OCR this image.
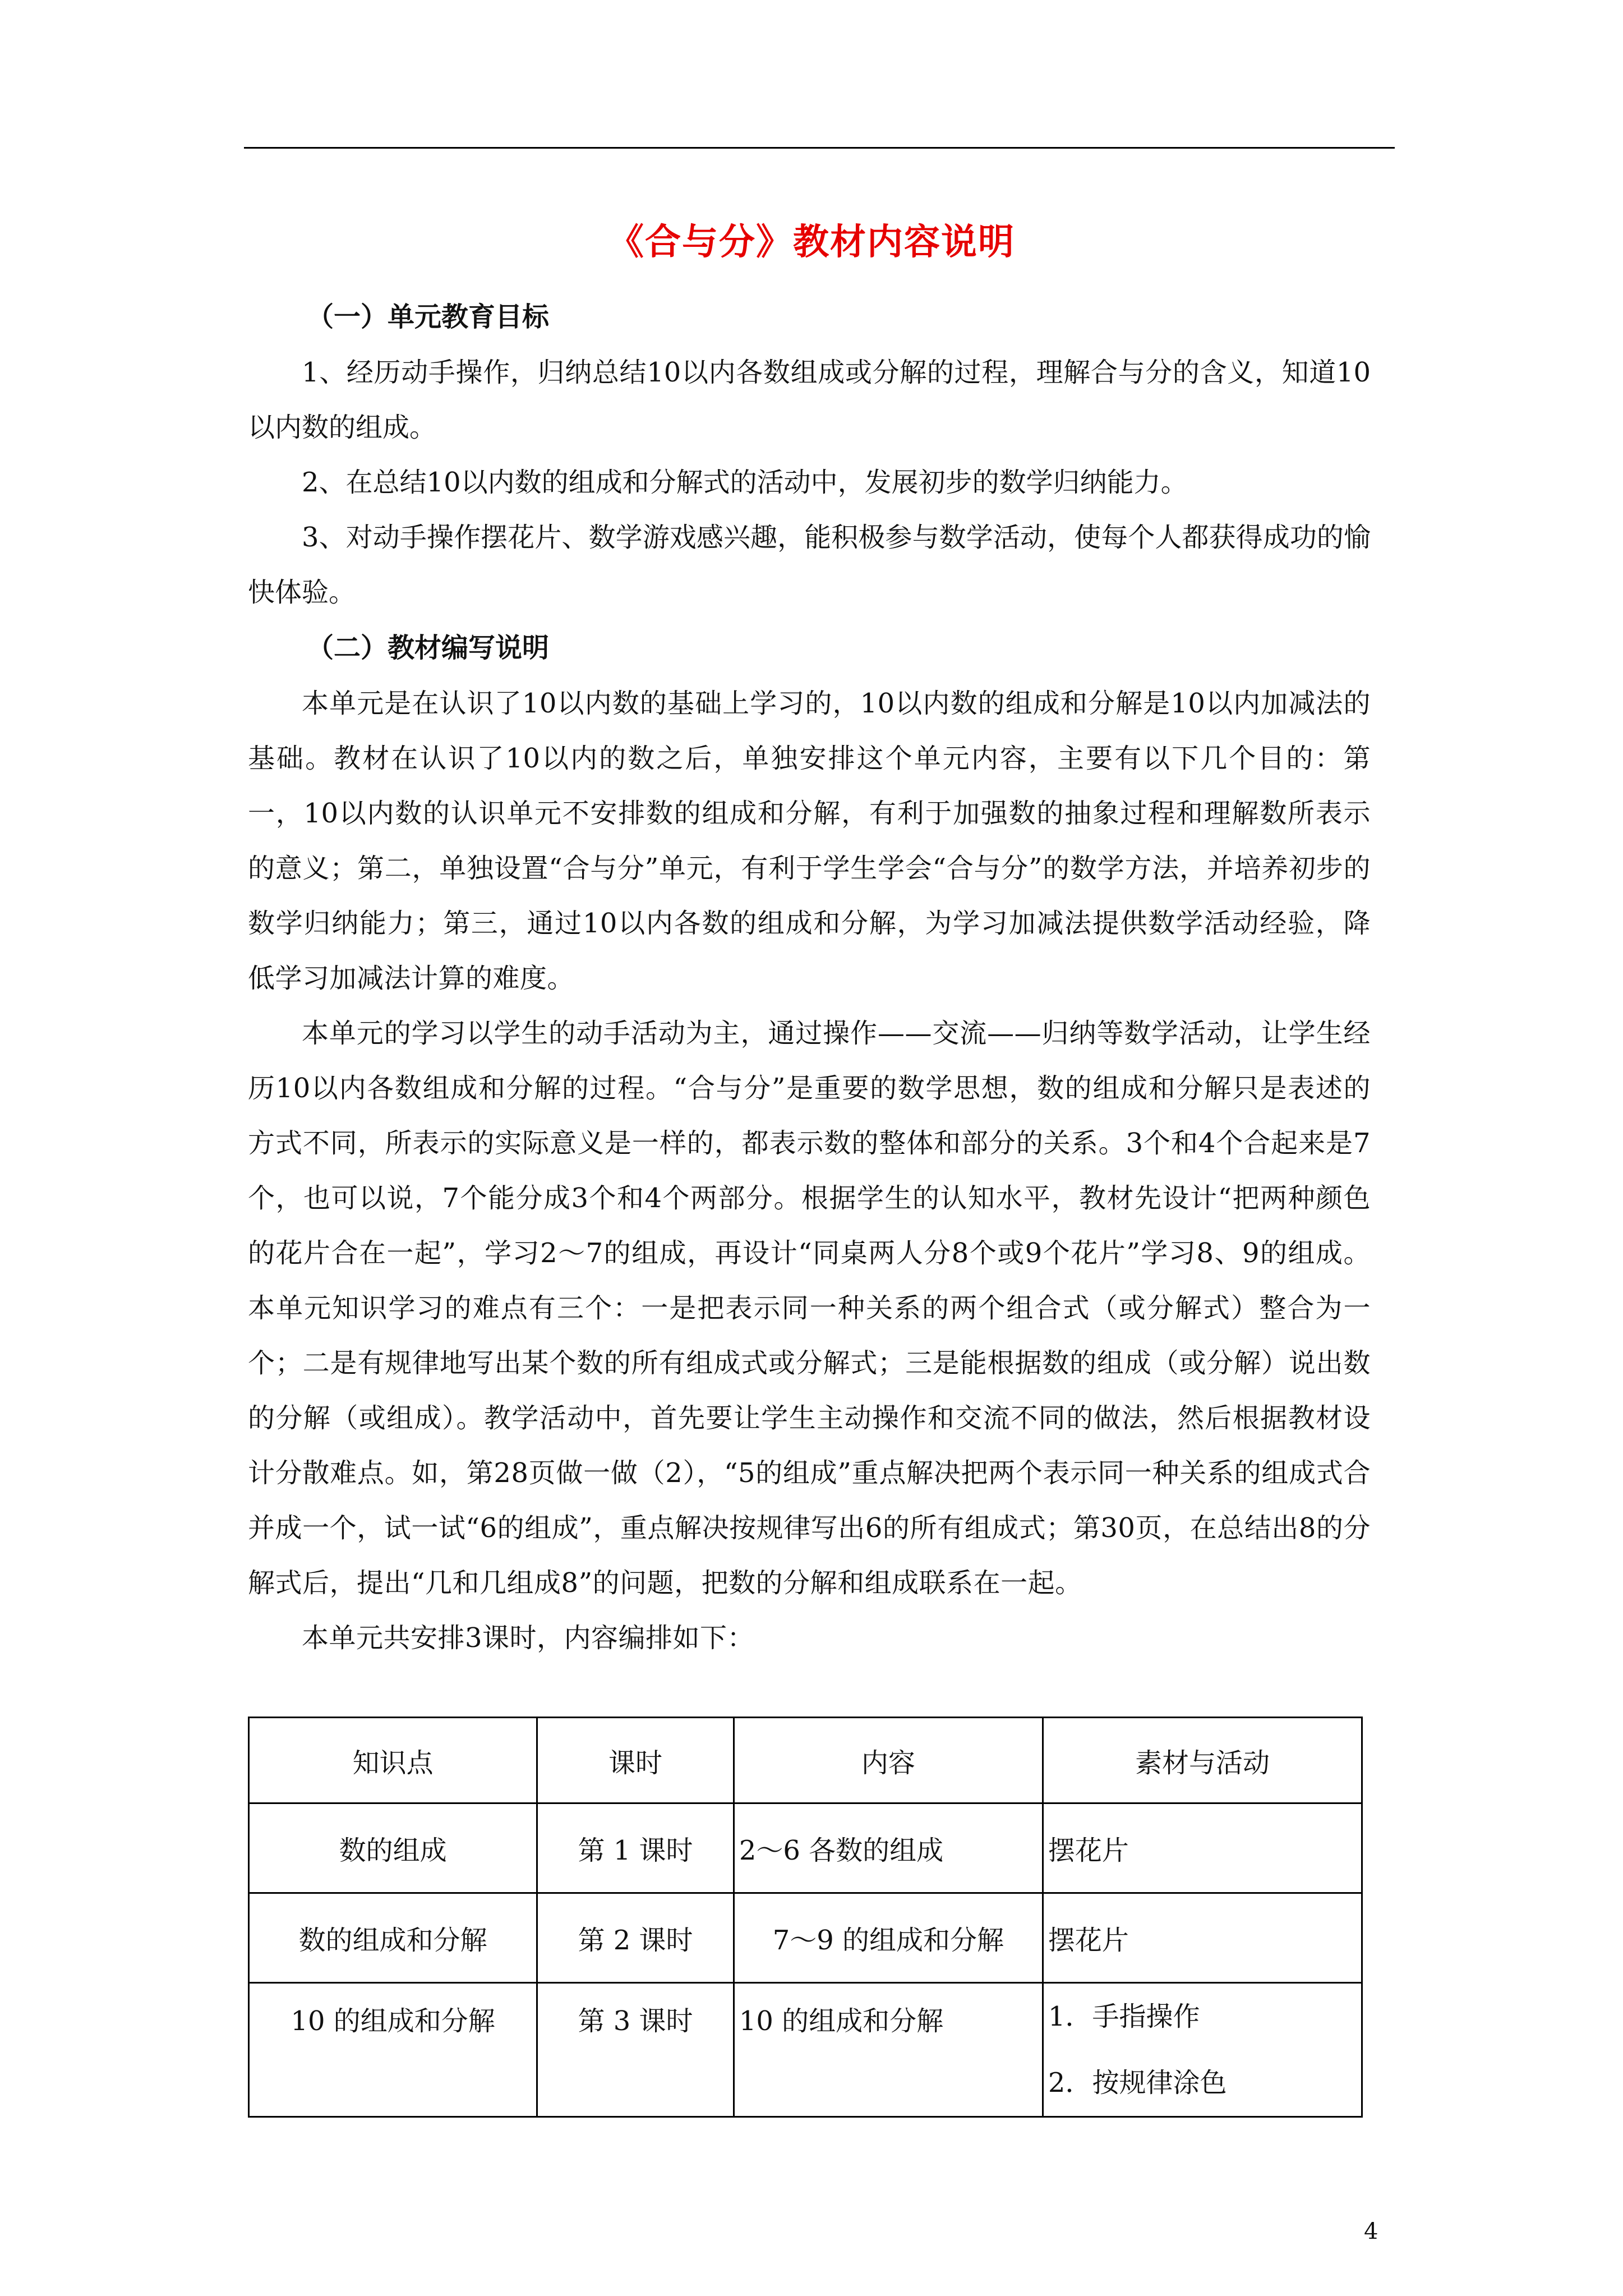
《合与分》教材内容说明
（一）单元教育目标

1、经历动手操作，归纳总结10以内各数组成或分解的过程，理解合与分的含义，知道10以内数的组成。

2、在总结10以内数的组成和分解式的活动中，发展初步的数学归纳能力。

3、对动手操作摆花片、数学游戏感兴趣，能积极参与数学活动，使每个人都获得成功的愉快体验。

（二）教材编写说明

本单元是在认识了10以内数的基础上学习的，10以内数的组成和分解是10以内加减法的基础。教材在认识了10以内的数之后，单独安排这个单元内容，主要有以下几个目的：第一，10以内数的认识单元不安排数的组成和分解，有利于加强数的抽象过程和理解数所表示的意义；第二，单独设置“合与分”单元，有利于学生学会“合与分”的数学方法，并培养初步的数学归纳能力；第三，通过10以内各数的组成和分解，为学习加减法提供数学活动经验，降低学习加减法计算的难度。

本单元的学习以学生的动手活动为主，通过操作——交流——归纳等数学活动，让学生经历10以内各数组成和分解的过程。“合与分”是重要的数学思想，数的组成和分解只是表述的方式不同，所表示的实际意义是一样的，都表示数的整体和部分的关系。3个和4个合起来是7个，也可以说，7个能分成3个和4个两部分。根据学生的认知水平，教材先设计“把两种颜色的花片合在一起”，学习2～7的组成，再设计“同桌两人分8个或9个花片”学习8、9的组成。本单元知识学习的难点有三个：一是把表示同一种关系的两个组合式（或分解式）整合为一个；二是有规律地写出某个数的所有组成式或分解式；三是能根据数的组成（或分解）说出数的分解（或组成）。教学活动中，首先要让学生主动操作和交流不同的做法，然后根据教材设计分散难点。如，第28页做一做（2），“5的组成”重点解决把两个表示同一种关系的组成式合并成一个，试一试“6的组成”，重点解决按规律写出6的所有组成式；第30页，在总结出8的分解式后，提出“几和几组成8”的问题，把数的分解和组成联系在一起。

本单元共安排3课时，内容编排如下：

知识点	课时	内容	素材与活动
数的组成	第 1 课时	2～6 各数的组成	摆花片
数的组成和分解	第 2 课时	7～9 的组成和分解	摆花片
10 的组成和分解	第 3 课时	10 的组成和分解	1．手指操作
2．按规律涂色
4
